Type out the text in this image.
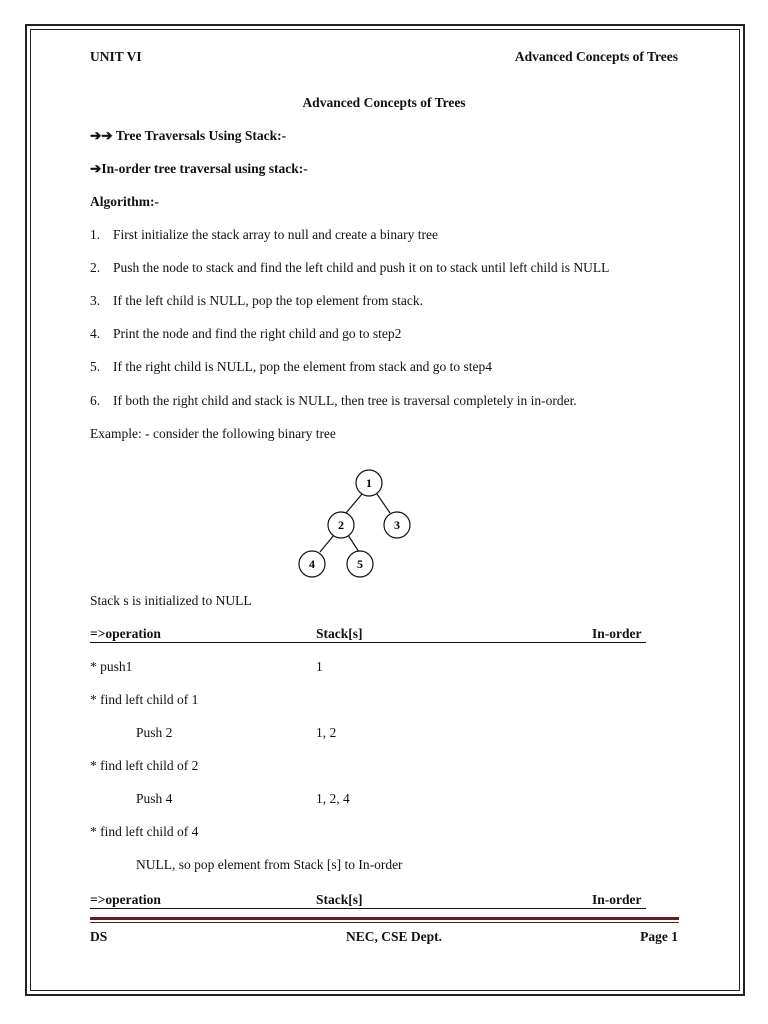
UNIT VI	Advanced Concepts of Trees
Advanced Concepts of Trees
➔➔ Tree Traversals Using Stack:-
➔In-order tree traversal using stack:-
Algorithm:-
1. First initialize the stack array to null and create a binary tree
2. Push the node to stack and find the left child and push it on to stack until left child is NULL
3. If the left child is NULL, pop the top element from stack.
4. Print the node and find the right child and go to step2
5. If the right child is NULL, pop the element from stack and go to step4
6. If both the right child and stack is NULL, then tree is traversal completely in in-order.
Example: - consider the following binary tree
1
2	3
4	5
Stack s is initialized to NULL
=>operation	Stack[s]	In-order
* push1	1
* find left child of 1
Push 2	1, 2
* find left child of 2
Push 4	1, 2, 4
* find left child of 4
NULL, so pop element from Stack [s] to In-order
=>operation	Stack[s]	In-order
DS	NEC, CSE Dept.	Page 1
